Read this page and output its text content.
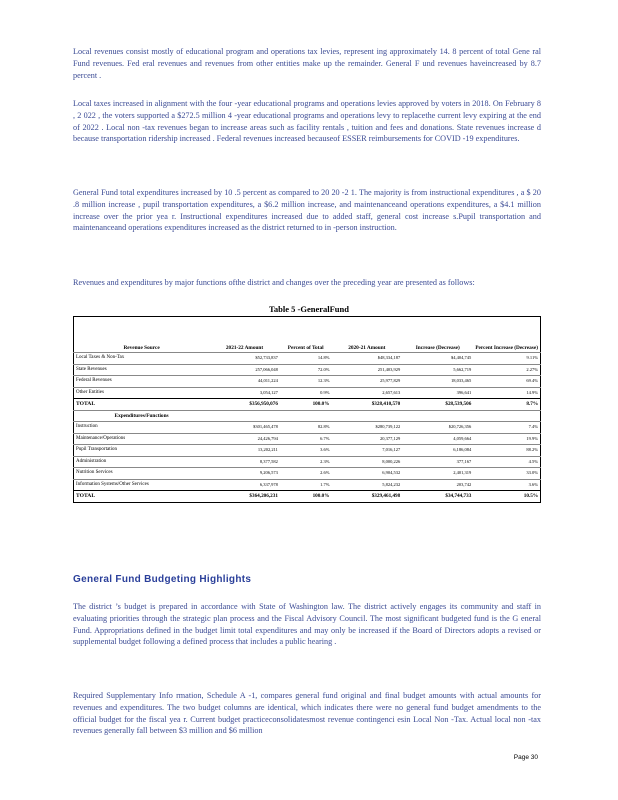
Local revenues consist mostly of educational program and operations tax levies, represent ing approximately 14. 8 percent of total Gene ral Fund revenues. Fed eral revenues and revenues from other entities make up the remainder. General F und revenues haveincreased by 8.7 percent .

Local taxes increased in alignment with the four -year educational programs and operations levies approved by voters in 2018. On February 8 , 2 022 , the voters supported a $272.5 million 4 -year educational programs and operations levy to replacethe current levy expiring at the end of 2022 . Local non -tax revenues began to increase areas such as facility rentals , tuition and fees and donations. State revenues increase d because transportation ridership increased . Federal revenues increased becauseof ESSER reimbursements for COVID -19 expenditures.

General Fund total expenditures increased by 10 .5 percent as compared to 20 20 -2 1. The majority is from instructional expenditures , a $ 20 .8 million increase , pupil transportation expenditures, a $6.2 million increase, and maintenanceand operations expenditures, a $4.1 million increase over the prior yea r. Instructional expenditures increased due to added staff, general cost increase s.Pupil transportation and maintenanceand operations expenditures increased as the district returned to in -person instruction.

Revenues and expenditures by major functions ofthe district and changes over the preceding year are presented as follows:

Table 5 -GeneralFund
Revenue Source	2021-22 Amount	Percent of Total	2020-21 Amount	Increase (Decrease)	Percent Increase (Decrease)
Local Taxes & Non-Tax	$52,733,837	14.8%	$48,334,187	$4,404,745	9.11%
State Revenues	257,066,048	72.0%	251,403,929	5,662,719	2.27%
Federal Revenues	44,011,224	12.3%	25,977,829	18,033,465	69.4%
Other Entities	3,054,127	0.9%	2,657,613	396,641	14.9%
TOTAL	$356,950,076	100.0%	$328,410,570	$28,539,506	8.7%
Expenditures/Functions					
Instruction	$301,465,478	82.8%	$280,739,122	$20,726,356	7.4%
Maintenance/Operations	24,426,794	6.7%	20,377,129	4,059,664	19.9%
Pupil Transportation	13,202,211	3.6%	7,016,127	6,186,084	88.2%
Administration	8,377,582	2.3%	8,000,226	377,167	4.5%
Nutrition Services	9,206,573	2.6%	6,904,532	2,401,319	33.0%
Information Systems/Other Services	6,337,978	1.7%	5,824,232	203,742	3.6%
TOTAL	$364,206,231	100.0%	$329,461,498	$34,744,733	10.5%
General Fund Budgeting Highlights

The district ’s budget is prepared in accordance with State of Washington law. The district actively engages its community and staff in evaluating priorities through the strategic plan process and the Fiscal Advisory Council. The most significant budgeted fund is the G eneral Fund. Appropriations defined in the budget limit total expenditures and may only be increased if the Board of Directors adopts a revised or supplemental budget following a defined process that includes a public hearing .

Required Supplementary Info rmation, Schedule A -1, compares general fund original and final budget amounts with actual amounts for revenues and expenditures. The two budget columns are identical, which indicates there were no general fund budget amendments to the official budget for the fiscal yea r. Current budget practiceconsolidatesmost revenue contingenci esin Local Non -Tax. Actual local non -tax revenues generally fall between $3 million and $6 million

Page 30
